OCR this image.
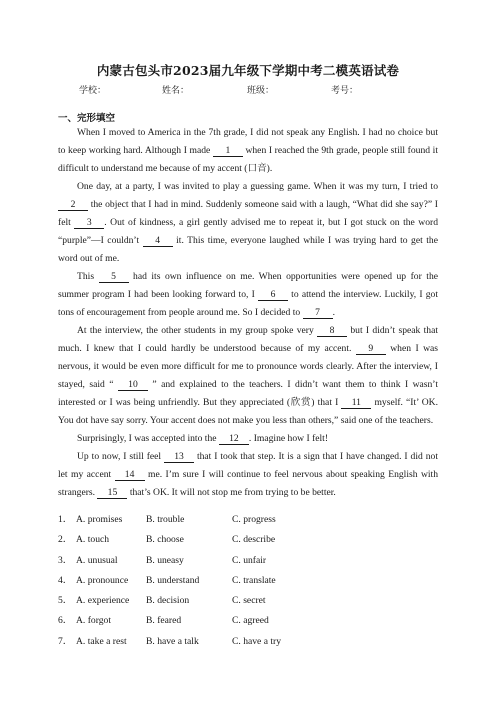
内蒙古包头市2023届九年级下学期中考二模英语试卷
学校：	姓名：	班级：	考号：
一、完形填空

When I moved to America in the 7th grade, I did not speak any English. I had no choice but to keep working hard. Although I made 1 when I reached the 9th grade, people still found it difficult to understand me because of my accent (口音).

One day, at a party, I was invited to play a guessing game. When it was my turn, I tried to 2 the object that I had in mind. Suddenly someone said with a laugh, “What did she say?” I felt 3 . Out of kindness, a girl gently advised me to repeat it, but I got stuck on the word “purple”—I couldn’t 4 it. This time, everyone laughed while I was trying hard to get the word out of me.

This 5 had its own influence on me. When opportunities were opened up for the summer program I had been looking forward to, I 6 to attend the interview. Luckily, I got tons of encouragement from people around me. So I decided to 7 .

At the interview, the other students in my group spoke very 8 but I didn’t speak that much. I knew that I could hardly be understood because of my accent. 9 when I was nervous, it would be even more difficult for me to pronounce words clearly. After the interview, I stayed, said “ 10 ” and explained to the teachers. I didn’t want them to think I wasn’t interested or I was being unfriendly. But they appreciated (欣赏) that I 11 myself. “It’ OK. You dot have say sorry. Your accent does not make you less than others,” said one of the teachers.

Surprisingly, I was accepted into the 12 . Imagine how I felt!

Up to now, I still feel 13 that I took that step. It is a sign that I have changed. I did not let my accent 14 me. I’m sure I will continue to feel nervous about speaking English with strangers. 15 that’s OK. It will not stop me from trying to be better.

1． A. promises B. trouble	C. progress
2． A. touch	B. choose	C. describe
3． A. unusual	B. uneasy	C. unfair
4． A. pronounce B. understand	C. translate
5． A. experience B. decision	C. secret
6． A. forgot	B. feared	C. agreed
7． A. take a rest B. have a talk	C. have a try
